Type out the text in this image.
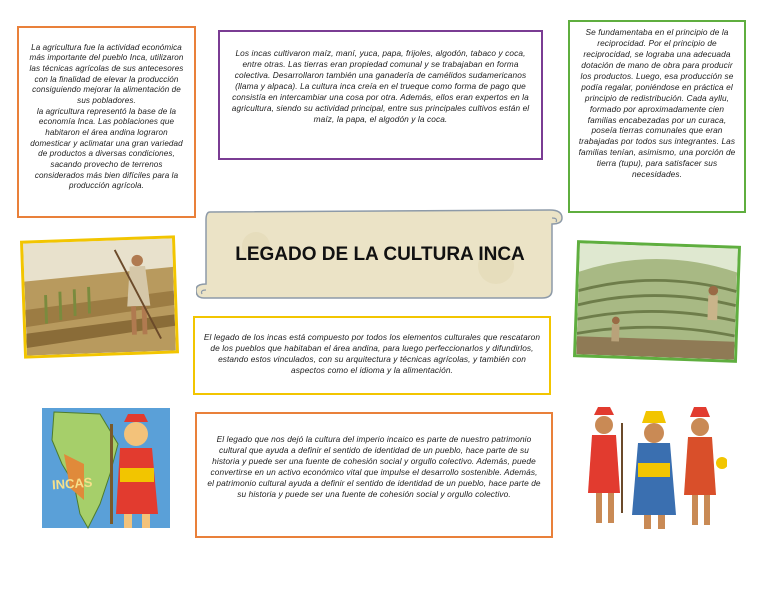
La agricultura fue la actividad económica más importante del pueblo Inca, utilizaron las técnicas agrícolas de sus antecesores con la finalidad de elevar la producción consiguiendo mejorar la alimentación de sus pobladores.
la agricultura representó la base de la economía Inca. Las poblaciones que habitaron el área andina lograron domesticar y aclimatar una gran variedad de productos a diversas condiciones, sacando provecho de terrenos considerados más bien difíciles para la producción agrícola.

Los incas cultivaron maíz, maní, yuca, papa, frijoles, algodón, tabaco y coca, entre otras. Las tierras eran propiedad comunal y se trabajaban en forma colectiva. Desarrollaron también una ganadería de camélidos sudamericanos (llama y alpaca). La cultura inca creía en el trueque como forma de pago que consistía en intercambiar una cosa por otra. Además, ellos eran expertos en la agricultura, siendo su actividad principal, entre sus principales cultivos están el maíz, la papa, el algodón y la coca.
Se fundamentaba en el principio de la reciprocidad. Por el principio de reciprocidad, se lograba una adecuada dotación de mano de obra para producir los productos. Luego, esa producción se podía regalar, poniéndose en práctica el principio de redistribución. Cada ayllu, formado por aproximadamente cien familias encabezadas por un curaca, poseía tierras comunales que eran trabajadas por todos sus integrantes. Las familias tenían, asimismo, una porción de tierra (tupu), para satisfacer sus necesidades.
LEGADO DE LA CULTURA INCA
El legado de los incas está compuesto por todos los elementos culturales que rescataron de los pueblos que habitaban el área andina, para luego perfeccionarlos y difundirlos, estando estos vinculados, con su arquitectura y técnicas agrícolas, y también con aspectos como el idioma y la alimentación.
El legado que nos dejó la cultura del imperio incaico es parte de nuestro patrimonio cultural que ayuda a definir el sentido de identidad de un pueblo, hace parte de su historia y puede ser una fuente de cohesión social y orgullo colectivo. Además, puede convertirse en un activo económico vital que impulse el desarrollo sostenible. Además, el patrimonio cultural ayuda a definir el sentido de identidad de un pueblo, hace parte de su historia y puede ser una fuente de cohesión social y orgullo colectivo.
INCAS
